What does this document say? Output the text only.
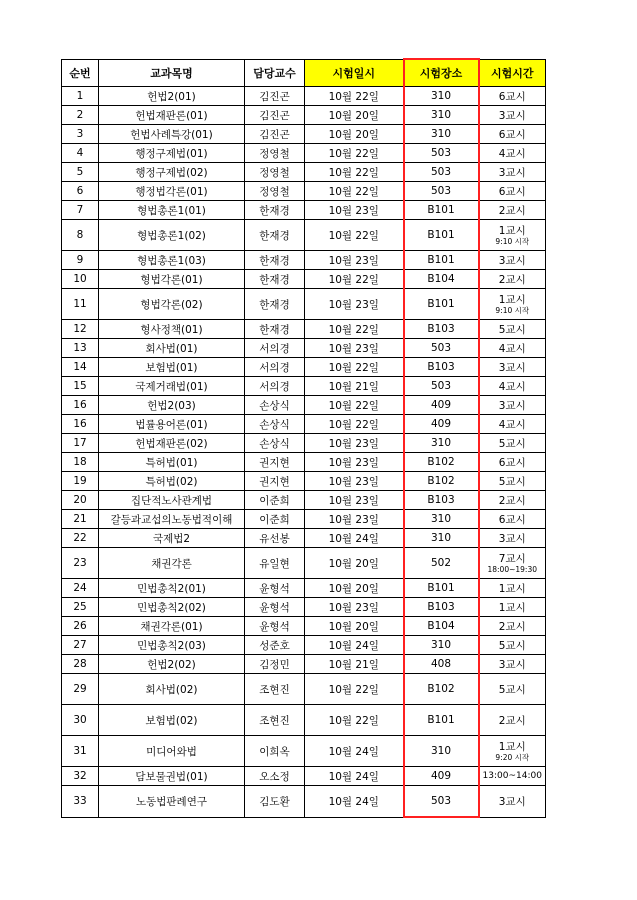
순번	교과목명	담당교수	시험일시	시험장소	시험시간
1	헌법2(01)	김진곤	10월 22일	310	6교시
2	헌법재판론(01)	김진곤	10월 20일	310	3교시
3	헌법사례특강(01)	김진곤	10월 20일	310	6교시
4	행정구제법(01)	정영철	10월 22일	503	4교시
5	행정구제법(02)	정영철	10월 22일	503	3교시
6	행정법각론(01)	정영철	10월 22일	503	6교시
7	형법총론1(01)	한재경	10월 23일	B101	2교시
8	형법총론1(02)	한재경	10월 22일	B101	1교시
9:10 시작

9	형법총론1(03)	한재경	10월 23일	B101	3교시
10	형법각론(01)	한재경	10월 22일	B104	2교시
11	형법각론(02)	한재경	10월 23일	B101	1교시
9:10 시작

12	형사정책(01)	한재경	10월 22일	B103	5교시
13	회사법(01)	서의경	10월 23일	503	4교시
14	보험법(01)	서의경	10월 22일	B103	3교시
15	국제거래법(01)	서의경	10월 21일	503	4교시
16	헌법2(03)	손상식	10월 22일	409	3교시
16	법률용어론(01)	손상식	10월 22일	409	4교시
17	헌법재판론(02)	손상식	10월 23일	310	5교시
18	특허법(01)	권지현	10월 23일	B102	6교시
19	특허법(02)	권지현	10월 23일	B102	5교시
20	집단적노사관계법	이준희	10월 23일	B103	2교시
21	갈등과교섭의노동법적이해	이준희	10월 23일	310	6교시
22	국제법2	유선봉	10월 24일	310	3교시
23	채권각론	유일현	10월 20일	502	7교시
18:00~19:30

24	민법총칙2(01)	윤형석	10월 20일	B101	1교시
25	민법총칙2(02)	윤형석	10월 23일	B103	1교시
26	채권각론(01)	윤형석	10월 20일	B104	2교시
27	민법총칙2(03)	성준호	10월 24일	310	5교시
28	헌법2(02)	김정민	10월 21일	408	3교시
29	회사법(02)	조현진	10월 22일	B102	5교시
30	보험법(02)	조현진	10월 22일	B101	2교시
31	미디어와법	이희옥	10월 24일	310	1교시
9:20 시작

32	담보물권법(01)	오소정	10월 24일	409	13:00~14:00
33	노동법판례연구	김도환	10월 24일	503	3교시
